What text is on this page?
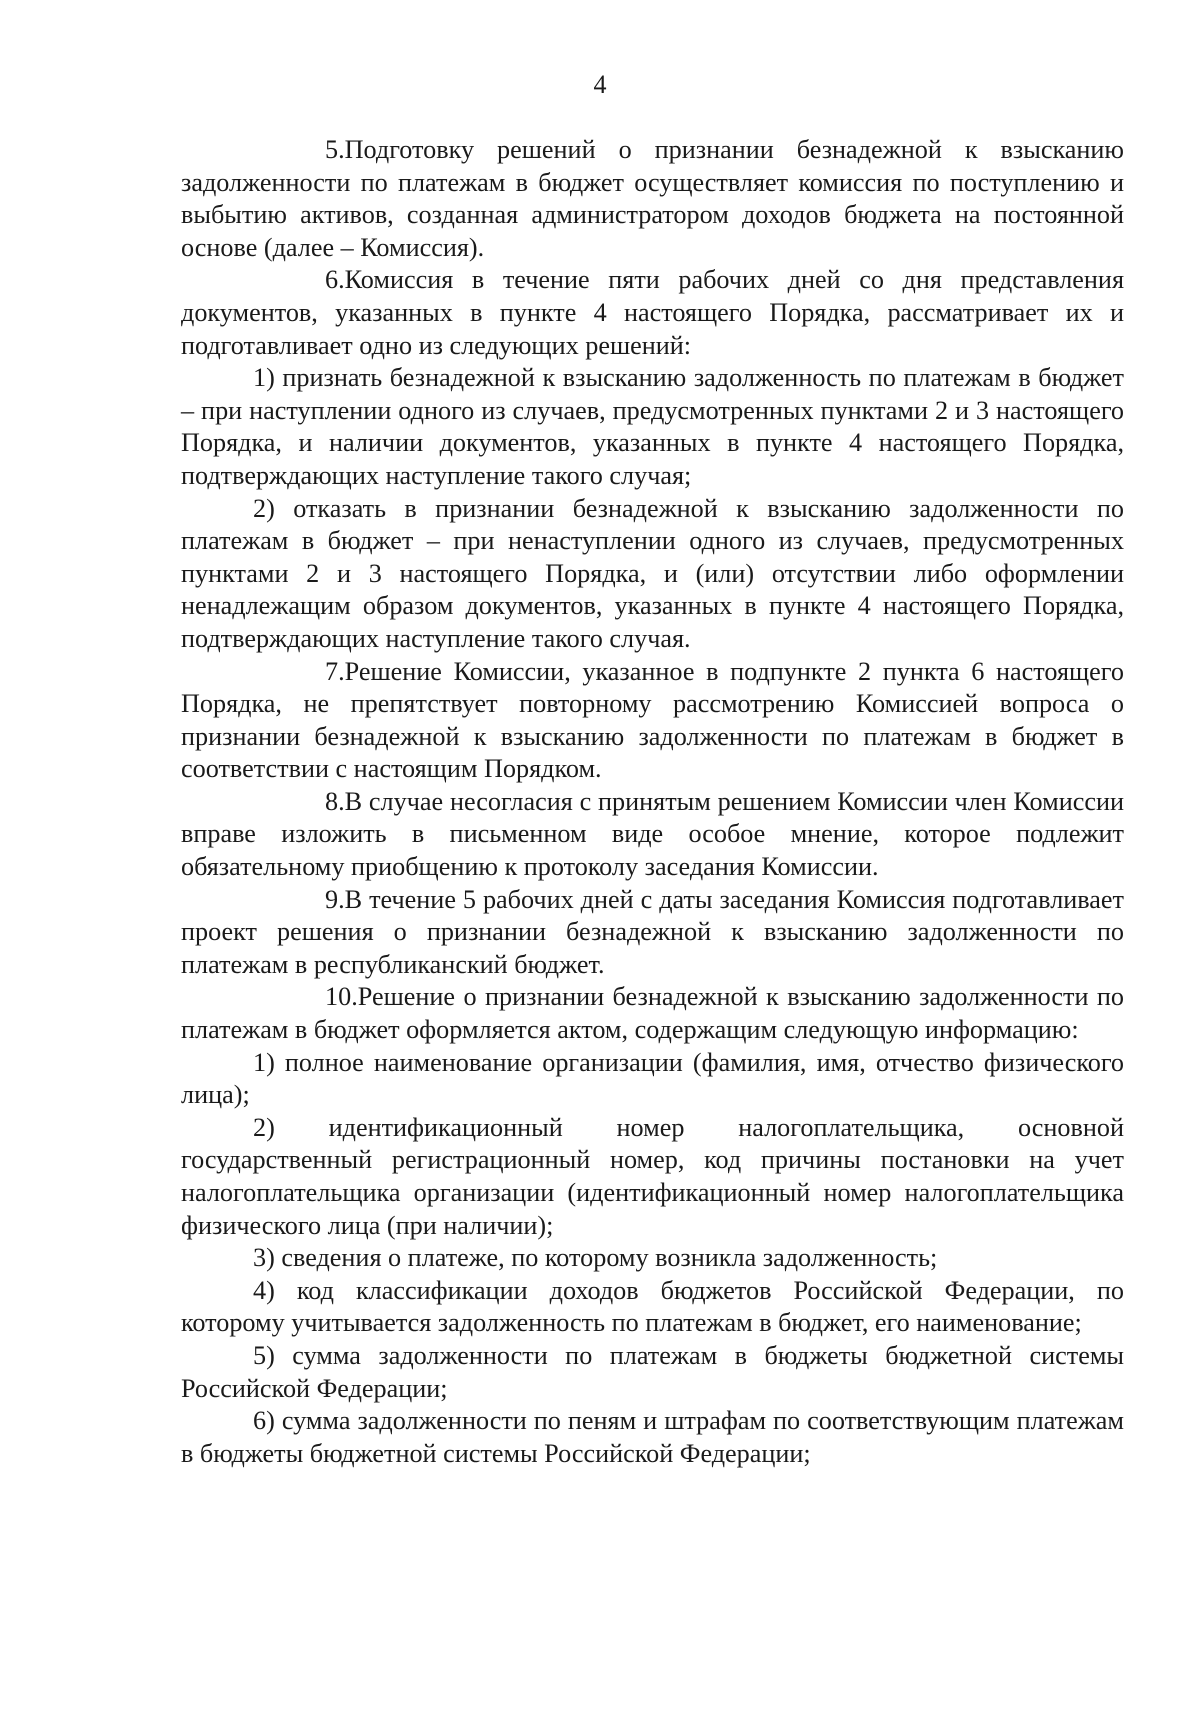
4

5.Подготовку решений о признании безнадежной к взысканию задолженности по платежам в бюджет осуществляет комиссия по поступлению и выбытию активов, созданная администратором доходов бюджета на постоянной основе (далее – Комиссия).

6.Комиссия в течение пяти рабочих дней со дня представления документов, указанных в пункте 4 настоящего Порядка, рассматривает их и подготавливает одно из следующих решений:

1) признать безнадежной к взысканию задолженность по платежам в бюджет – при наступлении одного из случаев, предусмотренных пунктами 2 и 3 настоящего Порядка, и наличии документов, указанных в пункте 4 настоящего Порядка, подтверждающих наступление такого случая;

2) отказать в признании безнадежной к взысканию задолженности по платежам в бюджет – при ненаступлении одного из случаев, предусмотренных пунктами 2 и 3 настоящего Порядка, и (или) отсутствии либо оформлении ненадлежащим образом документов, указанных в пункте 4 настоящего Порядка, подтверждающих наступление такого случая.

7.Решение Комиссии, указанное в подпункте 2 пункта 6 настоящего Порядка, не препятствует повторному рассмотрению Комиссией вопроса о признании безнадежной к взысканию задолженности по платежам в бюджет в соответствии с настоящим Порядком.

8.В случае несогласия с принятым решением Комиссии член Комиссии вправе изложить в письменном виде особое мнение, которое подлежит обязательному приобщению к протоколу заседания Комиссии.

9.В течение 5 рабочих дней с даты заседания Комиссия подготавливает проект решения о признании безнадежной к взысканию задолженности по платежам в республиканский бюджет.

10.Решение о признании безнадежной к взысканию задолженности по платежам в бюджет оформляется актом, содержащим следующую информацию:

1) полное наименование организации (фамилия, имя, отчество физического лица);

2) идентификационный номер налогоплательщика, основной государственный регистрационный номер, код причины постановки на учет налогоплательщика организации (идентификационный номер налогоплательщика физического лица (при наличии);

3) сведения о платеже, по которому возникла задолженность;

4) код классификации доходов бюджетов Российской Федерации, по которому учитывается задолженность по платежам в бюджет, его наименование;

5) сумма задолженности по платежам в бюджеты бюджетной системы Российской Федерации;

6) сумма задолженности по пеням и штрафам по соответствующим платежам в бюджеты бюджетной системы Российской Федерации;
